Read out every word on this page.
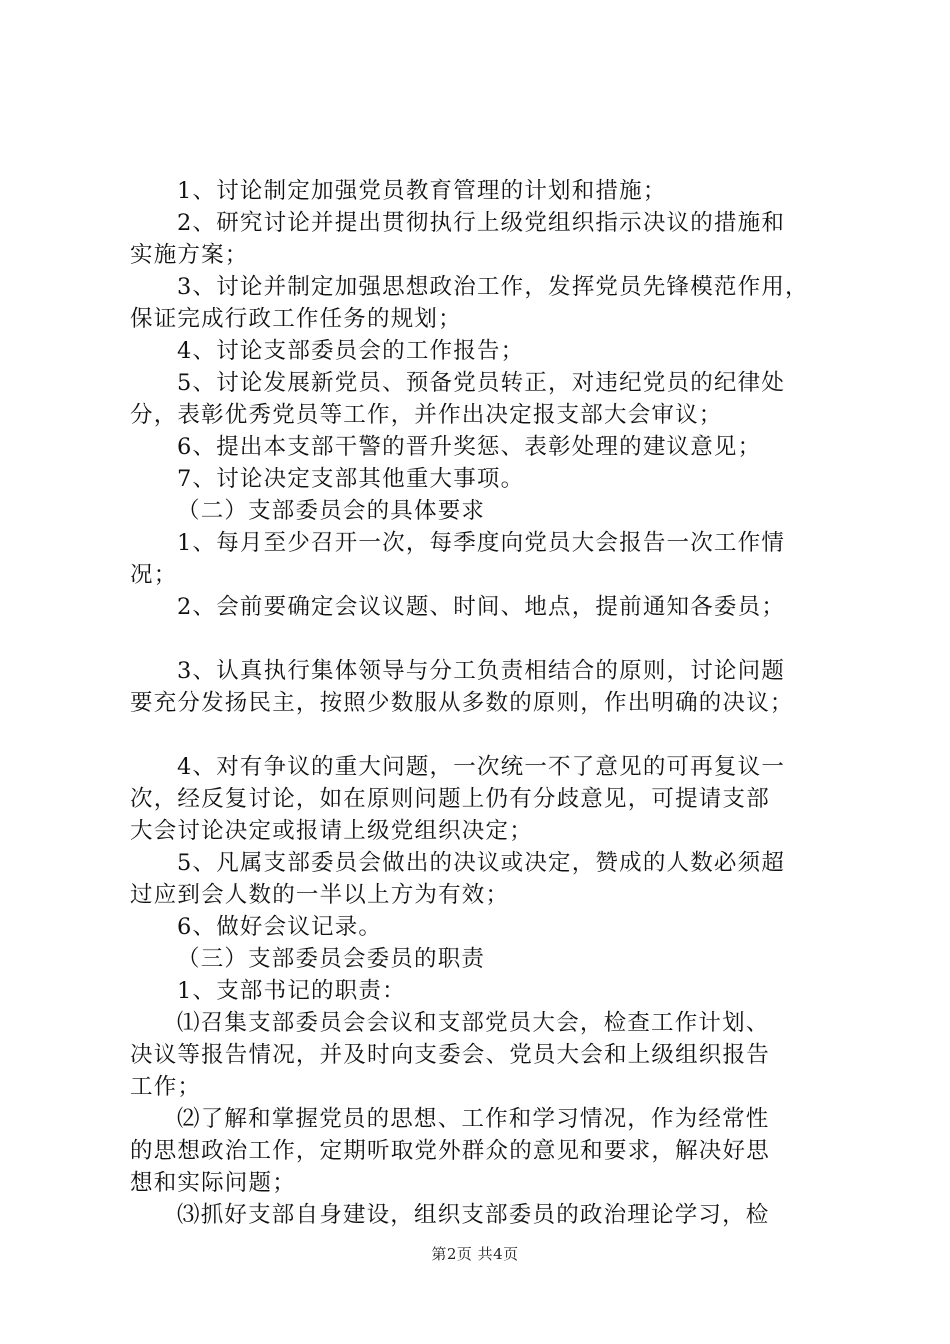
1、讨论制定加强党员教育管理的计划和措施；
2、研究讨论并提出贯彻执行上级党组织指示决议的措施和
实施方案；
3、讨论并制定加强思想政治工作，发挥党员先锋模范作用，
保证完成行政工作任务的规划；
4、讨论支部委员会的工作报告；
5、讨论发展新党员、预备党员转正，对违纪党员的纪律处
分，表彰优秀党员等工作，并作出决定报支部大会审议；
6、提出本支部干警的晋升奖惩、表彰处理的建议意见；
7、讨论决定支部其他重大事项。
（二）支部委员会的具体要求
1、每月至少召开一次，每季度向党员大会报告一次工作情
况；
2、会前要确定会议议题、时间、地点，提前通知各委员；
3、认真执行集体领导与分工负责相结合的原则，讨论问题
要充分发扬民主，按照少数服从多数的原则，作出明确的决议；
4、对有争议的重大问题，一次统一不了意见的可再复议一
次，经反复讨论，如在原则问题上仍有分歧意见，可提请支部
大会讨论决定或报请上级党组织决定；
5、凡属支部委员会做出的决议或决定，赞成的人数必须超
过应到会人数的一半以上方为有效；
6、做好会议记录。
（三）支部委员会委员的职责
1、支部书记的职责：
⑴召集支部委员会会议和支部党员大会，检查工作计划、
决议等报告情况，并及时向支委会、党员大会和上级组织报告
工作；
⑵了解和掌握党员的思想、工作和学习情况，作为经常性
的思想政治工作，定期听取党外群众的意见和要求，解决好思
想和实际问题；
⑶抓好支部自身建设，组织支部委员的政治理论学习，检
第2页 共4页
